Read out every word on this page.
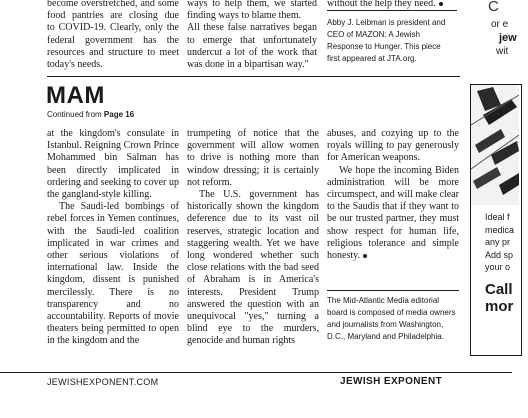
become overstretched, and some
food pantries are closing due
to COVID-19. Clearly, only the
federal government has the
resources and structure to meet
today's needs.
ways to help them, we started
finding ways to blame them.
All these false narratives began
to emerge that unfortunately
undercut a lot of the work that
was done in a bipartisan way."
without the help they need.
Abby J. Leibman is president and CEO of MAZON: A Jewish Response to Hunger. This piece first appeared at JTA.org.
C
or e
jew
wit
MAM
Continued from Page 16

at the kingdom's consulate in Istanbul. Reigning Crown Prince Mohammed bin Salman has been directly implicated in ordering and seeking to cover up the gangland-style killing.

The Saudi-led bombings of rebel forces in Yemen continues, with the Saudi-led coalition implicated in war crimes and other serious violations of international law. Inside the kingdom, dissent is punished mercilessly. There is no transparency and no accountability. Reports of movie theaters being permitted to open in the kingdom and the

trumpeting of notice that the government will allow women to drive is nothing more than window dressing; it is certainly not reform.

The U.S. government has historically shown the kingdom deference due to its vast oil reserves, strategic location and staggering wealth. Yet we have long wondered whether such close relations with the bad seed of Abraham is in America's interests. President Trump answered the question with an unequivocal "yes," turning a blind eye to the murders, genocide and human rights

abuses, and cozying up to the royals willing to pay generously for American weapons.

We hope the incoming Biden administration will be more circumspect, and will make clear to the Saudis that if they want to be our trusted partner, they must show respect for human life, religious tolerance and simple honesty.

The Mid-Atlantic Media editorial board is composed of media owners and journalists from Washington, D.C., Maryland and Philadelphia.
Ideal f
medica
any pr
Add sp
your o
Call
mor
JEWISHEXPONENT.COM	JEWISH EXPONENT
